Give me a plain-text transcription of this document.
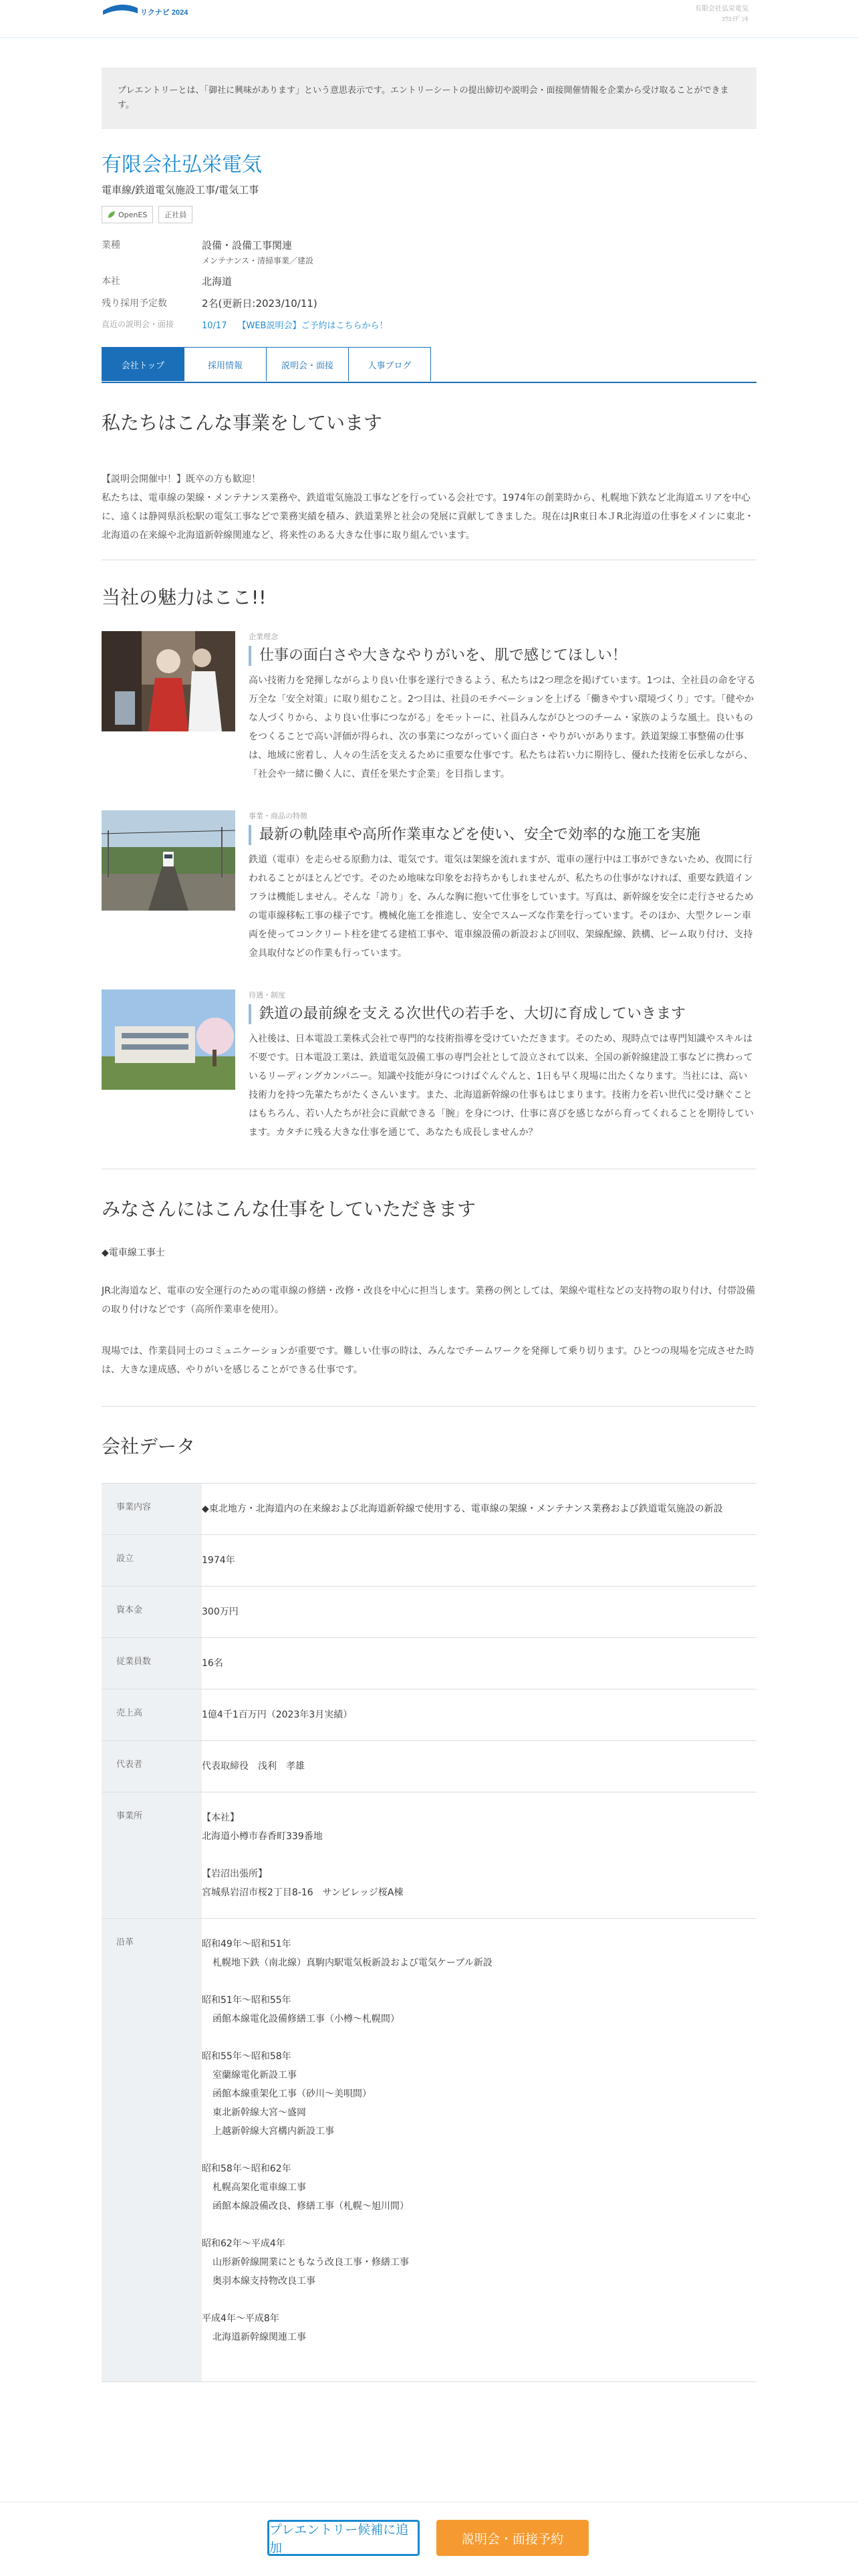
リクナビ 2024	有限会社弘栄電気
ｺｳｴｲﾃﾞﾝｷ
プレエントリーとは、「御社に興味があります」という意思表示です。エントリーシートの提出締切や説明会・面接開催情報を企業から受け取ることができます。
有限会社弘栄電気
電車線/鉄道電気施設工事/電気工事
OpenES 正社員
業種	設備・設備工事関連
メンテナンス・清掃事業／建設
本社	北海道
残り採用予定数	2名(更新日:2023/10/11)
直近の説明会・面接	10/17 【WEB説明会】ご予約はこちらから！
会社トップ	採用情報	説明会・面接	人事ブログ
私たちはこんな事業をしています

【説明会開催中！】既卒の方も歓迎！
私たちは、電車線の架線・メンテナンス業務や、鉄道電気施設工事などを行っている会社です。1974年の創業時から、札幌地下鉄など北海道エリアを中心に、遠くは静岡県浜松駅の電気工事などで業務実績を積み、鉄道業界と社会の発展に貢献してきました。現在はJR東日本ＪR北海道の仕事をメインに東北・北海道の在来線や北海道新幹線関連など、将来性のある大きな仕事に取り組んでいます。

当社の魅力はここ!!
企業理念
仕事の面白さや大きなやりがいを、肌で感じてほしい！
高い技術力を発揮しながらより良い仕事を遂行できるよう、私たちは2つ理念を掲げています。1つは、全社員の命を守る万全な「安全対策」に取り組むこと。2つ目は、社員のモチベーションを上げる「働きやすい環境づくり」です。「健やかな人づくりから、より良い仕事につながる」をモットーに、社員みんながひとつのチーム・家族のような風土。良いものをつくることで高い評価が得られ、次の事業につながっていく面白さ・やりがいがあります。鉄道架線工事整備の仕事は、地域に密着し、人々の生活を支えるために重要な仕事です。私たちは若い力に期待し、優れた技術を伝承しながら、「社会や一緒に働く人に、責任を果たす企業」を目指します。
事業・商品の特徴
最新の軌陸車や高所作業車などを使い、安全で効率的な施工を実施
鉄道（電車）を走らせる原動力は、電気です。電気は架線を流れますが、電車の運行中は工事ができないため、夜間に行われることがほとんどです。そのため地味な印象をお持ちかもしれませんが、私たちの仕事がなければ、重要な鉄道インフラは機能しません。そんな「誇り」を、みんな胸に抱いて仕事をしています。写真は、新幹線を安全に走行させるための電車線移転工事の様子です。機械化施工を推進し、安全でスムーズな作業を行っています。そのほか、大型クレーン車両を使ってコンクリート柱を建てる建植工事や、電車線設備の新設および回収、架線配線、鉄構、ビーム取り付け、支持金具取付などの作業も行っています。
待遇・制度
鉄道の最前線を支える次世代の若手を、大切に育成していきます
入社後は、日本電設工業株式会社で専門的な技術指導を受けていただきます。そのため、現時点では専門知識やスキルは不要です。日本電設工業は、鉄道電気設備工事の専門会社として設立されて以来、全国の新幹線建設工事などに携わっているリーディングカンパニー。知識や技能が身につけばぐんぐんと、1日も早く現場に出たくなります。当社には、高い技術力を持つ先輩たちがたくさんいます。また、北海道新幹線の仕事もはじまります。技術力を若い世代に受け継ぐことはもちろん、若い人たちが社会に貢献できる「腕」を身につけ、仕事に喜びを感じながら育ってくれることを期待しています。カタチに残る大きな仕事を通じて、あなたも成長しませんか？
みなさんにはこんな仕事をしていただきます
◆電車線工事士

JR北海道など、電車の安全運行のための電車線の修繕・改修・改良を中心に担当します。業務の例としては、架線や電柱などの支持物の取り付け、付帯設備の取り付けなどです（高所作業車を使用）。

現場では、作業員同士のコミュニケーションが重要です。難しい仕事の時は、みんなでチームワークを発揮して乗り切ります。ひとつの現場を完成させた時は、大きな達成感、やりがいを感じることができる仕事です。

会社データ
事業内容	◆東北地方・北海道内の在来線および北海道新幹線で使用する、電車線の架線・メンテナンス業務および鉄道電気施設の新設
設立	1974年
資本金	300万円
従業員数	16名
売上高	1億4千1百万円（2023年3月実績）
代表者	代表取締役　浅利　孝雄
事業所	【本社】
北海道小樽市春香町339番地
【岩沼出張所】
宮城県岩沼市桜2丁目8-16　サンビレッジ桜A棟
沿革	昭和49年～昭和51年
札幌地下鉄（南北線）真駒内駅電気板新設および電気ケーブル新設
昭和51年～昭和55年
函館本線電化設備修繕工事（小樽～札幌間）
昭和55年～昭和58年
室蘭線電化新設工事
函館本線重架化工事（砂川～美唄間）
東北新幹線大宮～盛岡
上越新幹線大宮構内新設工事
昭和58年～昭和62年
札幌高架化電車線工事
函館本線設備改良、修繕工事（札幌～旭川間）
昭和62年～平成4年
山形新幹線開業にともなう改良工事・修繕工事
奥羽本線支持物改良工事
平成4年～平成8年
北海道新幹線関連工事
プレエントリー候補に追加
説明会・面接予約
